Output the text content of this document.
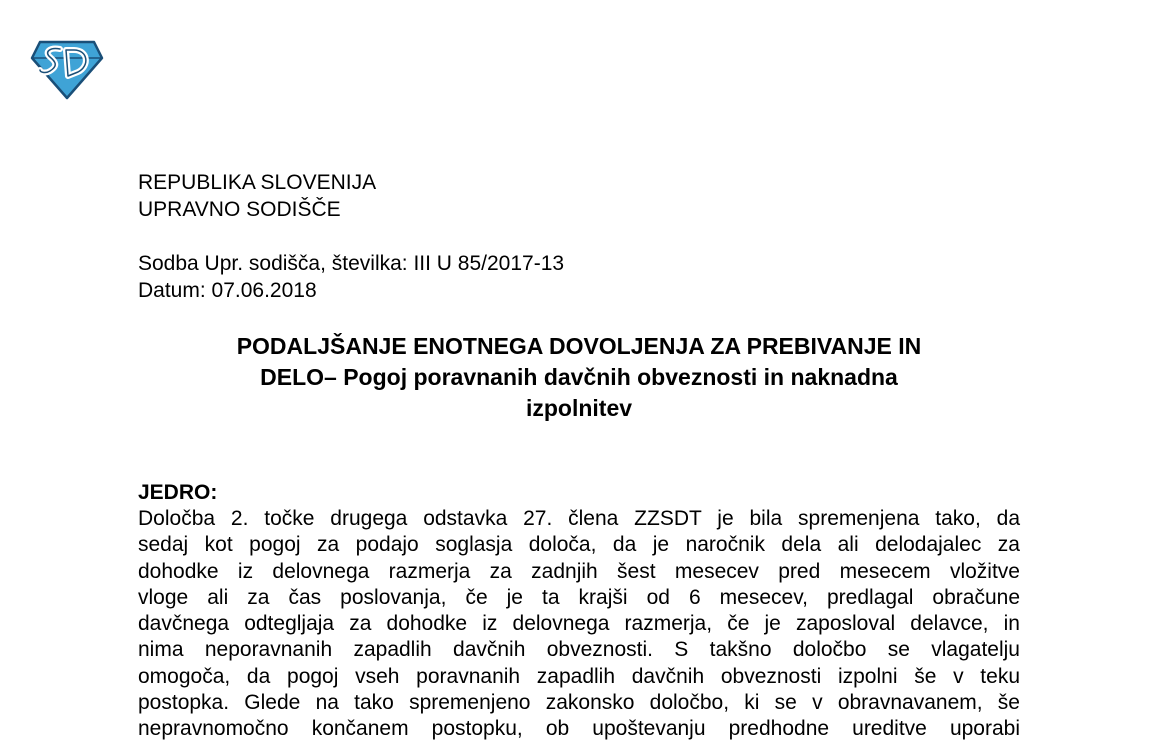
REPUBLIKA SLOVENIJA
UPRAVNO SODIŠČE
Sodba Upr. sodišča, številka: III U 85/2017-13
Datum: 07.06.2018
PODALJŠANJE ENOTNEGA DOVOLJENJA ZA PREBIVANJE IN
DELO– Pogoj poravnanih davčnih obveznosti in naknadna
izpolnitev
JEDRO:
Določba 2. točke drugega odstavka 27. člena ZZSDT je bila spremenjena tako, da
sedaj kot pogoj za podajo soglasja določa, da je naročnik dela ali delodajalec za
dohodke iz delovnega razmerja za zadnjih šest mesecev pred mesecem vložitve
vloge ali za čas poslovanja, če je ta krajši od 6 mesecev, predlagal obračune
davčnega odtegljaja za dohodke iz delovnega razmerja, če je zaposloval delavce, in
nima neporavnanih zapadlih davčnih obveznosti. S takšno določbo se vlagatelju
omogoča, da pogoj vseh poravnanih zapadlih davčnih obveznosti izpolni še v teku
postopka. Glede na tako spremenjeno zakonsko določbo, ki se v obravnavanem, še
nepravnomočno končanem postopku, ob upoštevanju predhodne ureditve uporabi
